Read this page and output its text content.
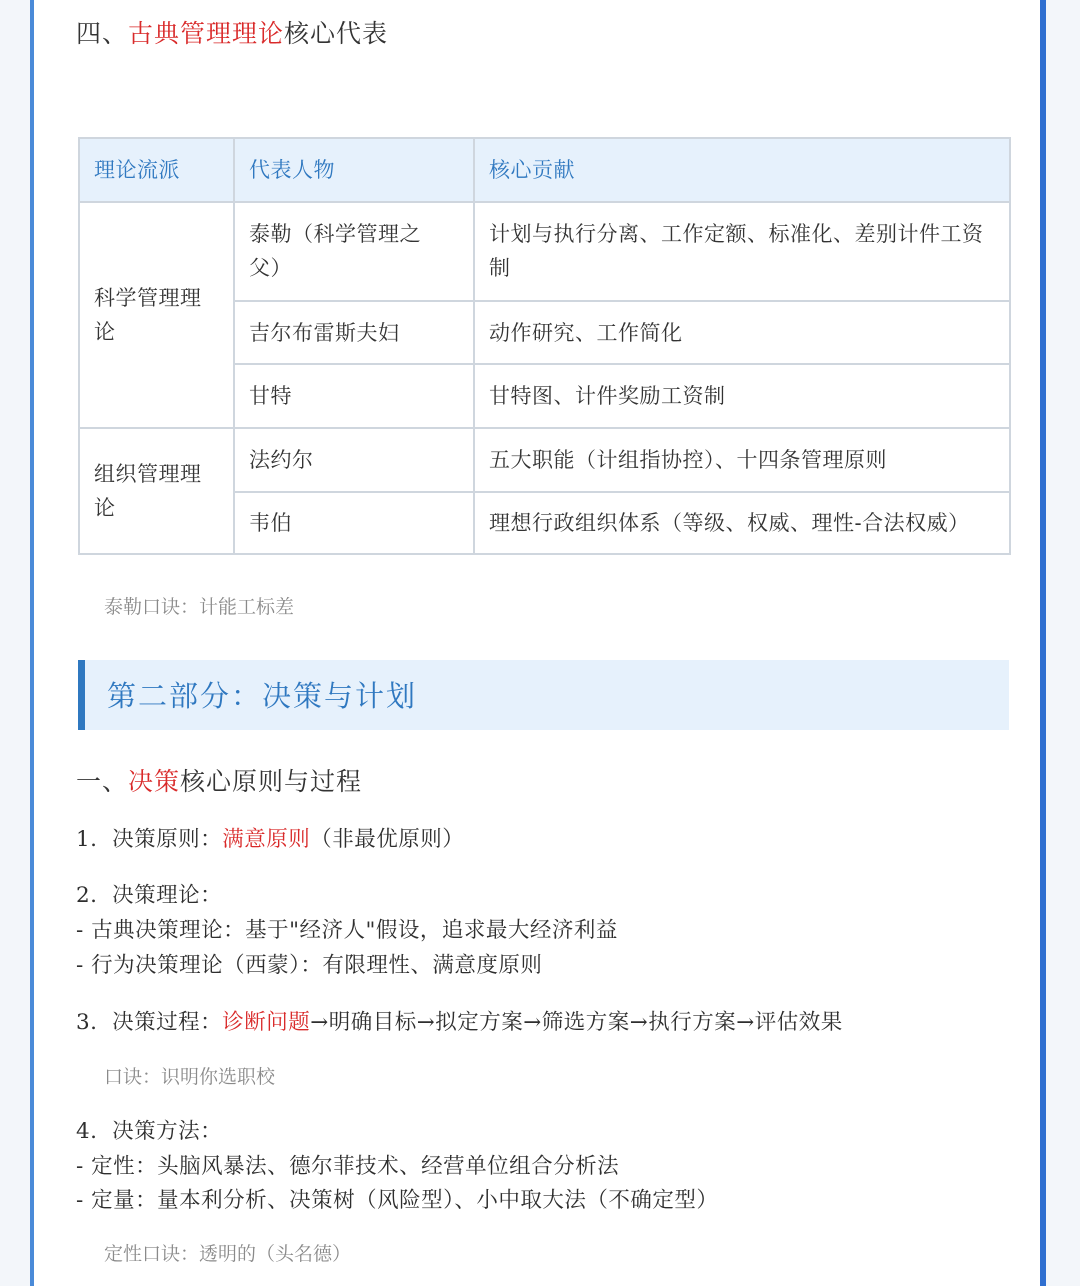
四、古典管理理论核心代表
理论流派	代表人物	核心贡献

科学管理理论	泰勒（科学管理之父）	计划与执行分离、工作定额、标准化、差别计件工资制
	吉尔布雷斯夫妇	动作研究、工作简化
	甘特	甘特图、计件奖励工资制

组织管理理论	法约尔	五大职能（计组指协控）、十四条管理原则
	韦伯	理想行政组织体系（等级、权威、理性-合法权威）
泰勒口诀：计能工标差
第二部分：决策与计划
一、决策核心原则与过程
1.  决策原则：满意原则（非最优原则）
2.  决策理论：
- 古典决策理论：基于"经济人"假设，追求最大经济利益
- 行为决策理论（西蒙）：有限理性、满意度原则
3.  决策过程：诊断问题→明确目标→拟定方案→筛选方案→执行方案→评估效果
口诀：识明你选职校
4.  决策方法：
- 定性：头脑风暴法、德尔菲技术、经营单位组合分析法
- 定量：量本利分析、决策树（风险型）、小中取大法（不确定型）
定性口诀：透明的（头名德）
